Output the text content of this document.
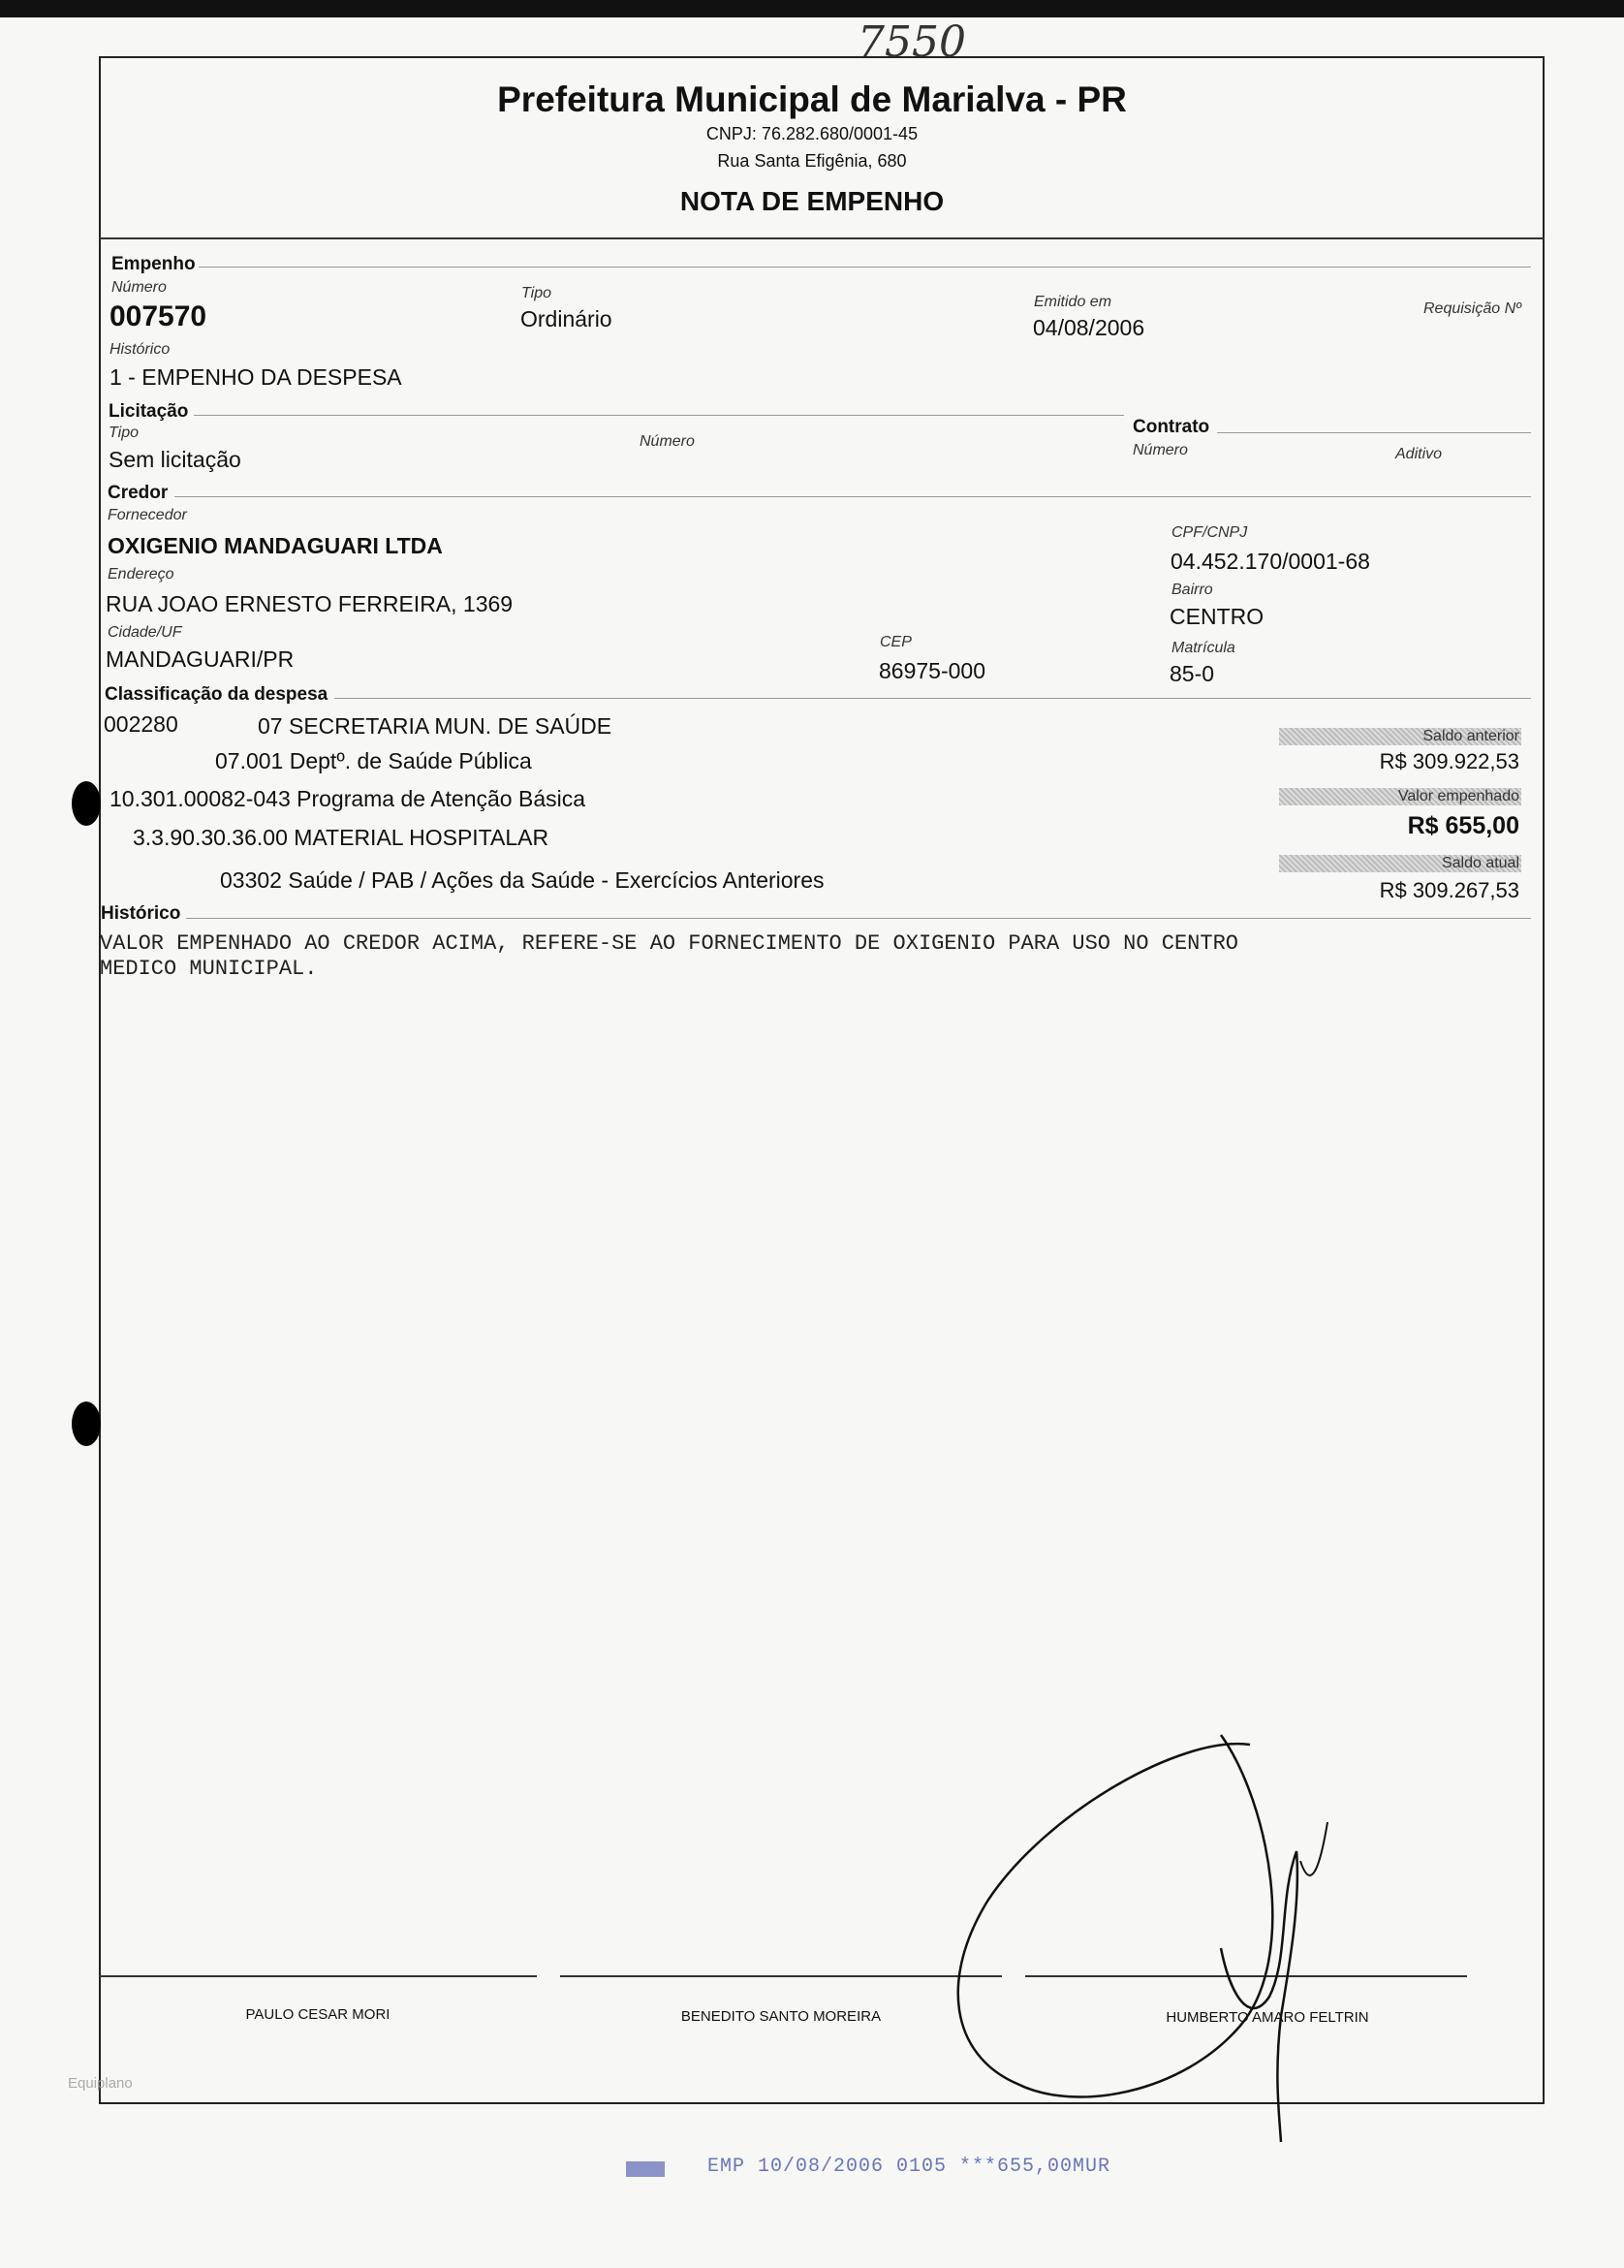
7550
Prefeitura Municipal de Marialva - PR
CNPJ: 76.282.680/0001-45
Rua Santa Efigênia, 680
NOTA DE EMPENHO
Empenho
Número
007570
Tipo
Ordinário
Emitido em
04/08/2006
Requisição Nº
Histórico
1 - EMPENHO DA DESPESA
Licitação
Tipo
Sem licitação
Número
Contrato
Número	Aditivo
Credor
Fornecedor
OXIGENIO MANDAGUARI LTDA
CPF/CNPJ
04.452.170/0001-68
Endereço
RUA JOAO ERNESTO FERREIRA, 1369
Bairro
CENTRO
Cidade/UF
MANDAGUARI/PR
CEP
86975-000
Matrícula
85-0
Classificação da despesa
002280	07 SECRETARIA MUN. DE SAÚDE
07.001 Deptº. de Saúde Pública
10.301.00082-043 Programa de Atenção Básica
3.3.90.30.36.00 MATERIAL HOSPITALAR
03302 Saúde / PAB / Ações da Saúde - Exercícios Anteriores
Saldo anterior
R$ 309.922,53
Valor empenhado
R$ 655,00
Saldo atual
R$ 309.267,53
Histórico
VALOR EMPENHADO AO CREDOR ACIMA, REFERE-SE AO FORNECIMENTO DE OXIGENIO PARA USO NO CENTRO
MEDICO MUNICIPAL.
PAULO CESAR MORI	BENEDITO SANTO MOREIRA	HUMBERTO AMARO FELTRIN
Equiplano
EMP 10/08/2006 0105 ***655,00MUR
